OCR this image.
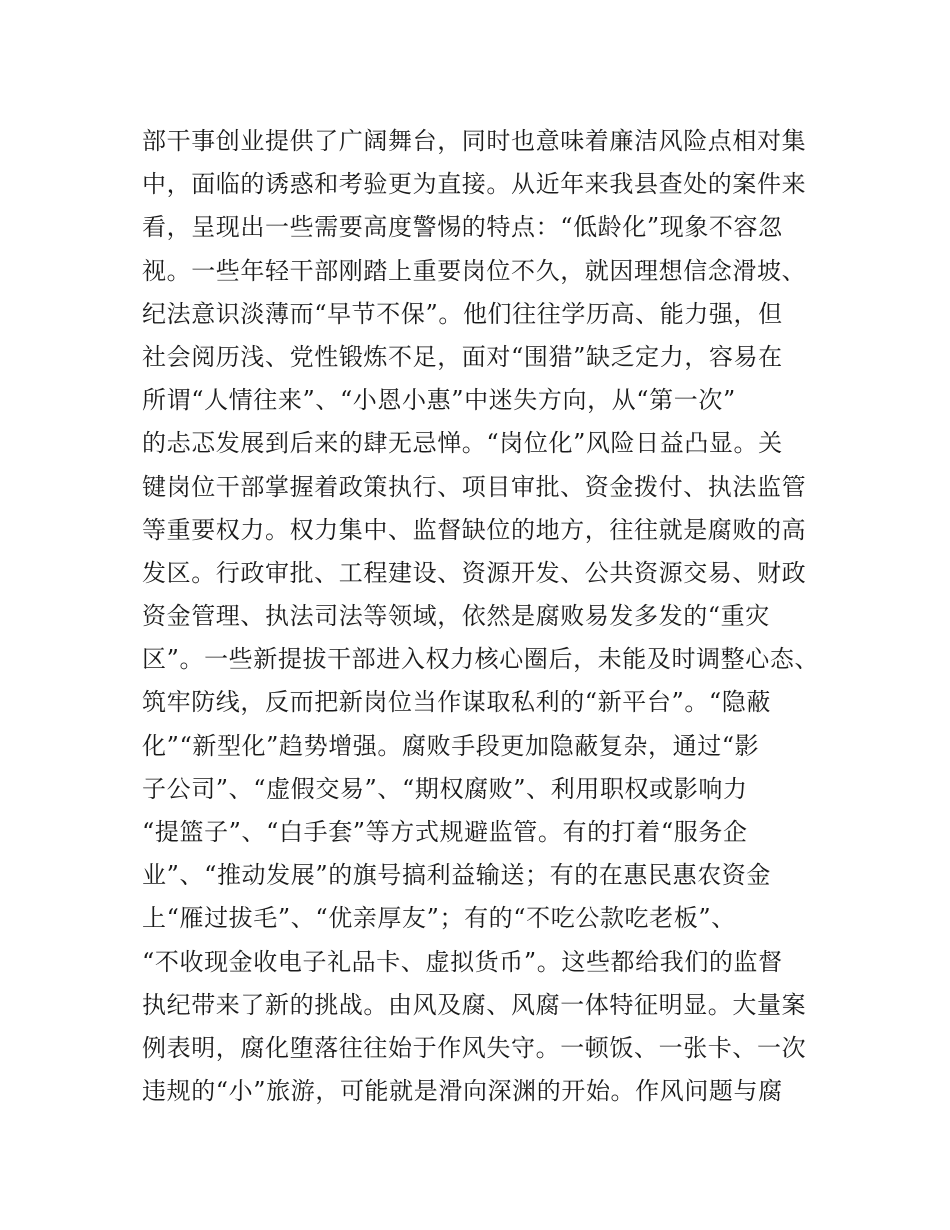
部干事创业提供了广阔舞台，同时也意味着廉洁风险点相对集
中，面临的诱惑和考验更为直接。从近年来我县查处的案件来
看，呈现出一些需要高度警惕的特点：“低龄化”现象不容忽
视。一些年轻干部刚踏上重要岗位不久，就因理想信念滑坡、
纪法意识淡薄而“早节不保”。他们往往学历高、能力强，但
社会阅历浅、党性锻炼不足，面对“围猎”缺乏定力，容易在
所谓“人情往来”、“小恩小惠”中迷失方向，从“第一次”
的忐忑发展到后来的肆无忌惮。“岗位化”风险日益凸显。关
键岗位干部掌握着政策执行、项目审批、资金拨付、执法监管
等重要权力。权力集中、监督缺位的地方，往往就是腐败的高
发区。行政审批、工程建设、资源开发、公共资源交易、财政
资金管理、执法司法等领域，依然是腐败易发多发的“重灾
区”。一些新提拔干部进入权力核心圈后，未能及时调整心态、
筑牢防线，反而把新岗位当作谋取私利的“新平台”。“隐蔽
化”“新型化”趋势增强。腐败手段更加隐蔽复杂，通过“影
子公司”、“虚假交易”、“期权腐败”、利用职权或影响力
“提篮子”、“白手套”等方式规避监管。有的打着“服务企
业”、“推动发展”的旗号搞利益输送；有的在惠民惠农资金
上“雁过拔毛”、“优亲厚友”；有的“不吃公款吃老板”、
“不收现金收电子礼品卡、虚拟货币”。这些都给我们的监督
执纪带来了新的挑战。由风及腐、风腐一体特征明显。大量案
例表明，腐化堕落往往始于作风失守。一顿饭、一张卡、一次
违规的“小”旅游，可能就是滑向深渊的开始。作风问题与腐
